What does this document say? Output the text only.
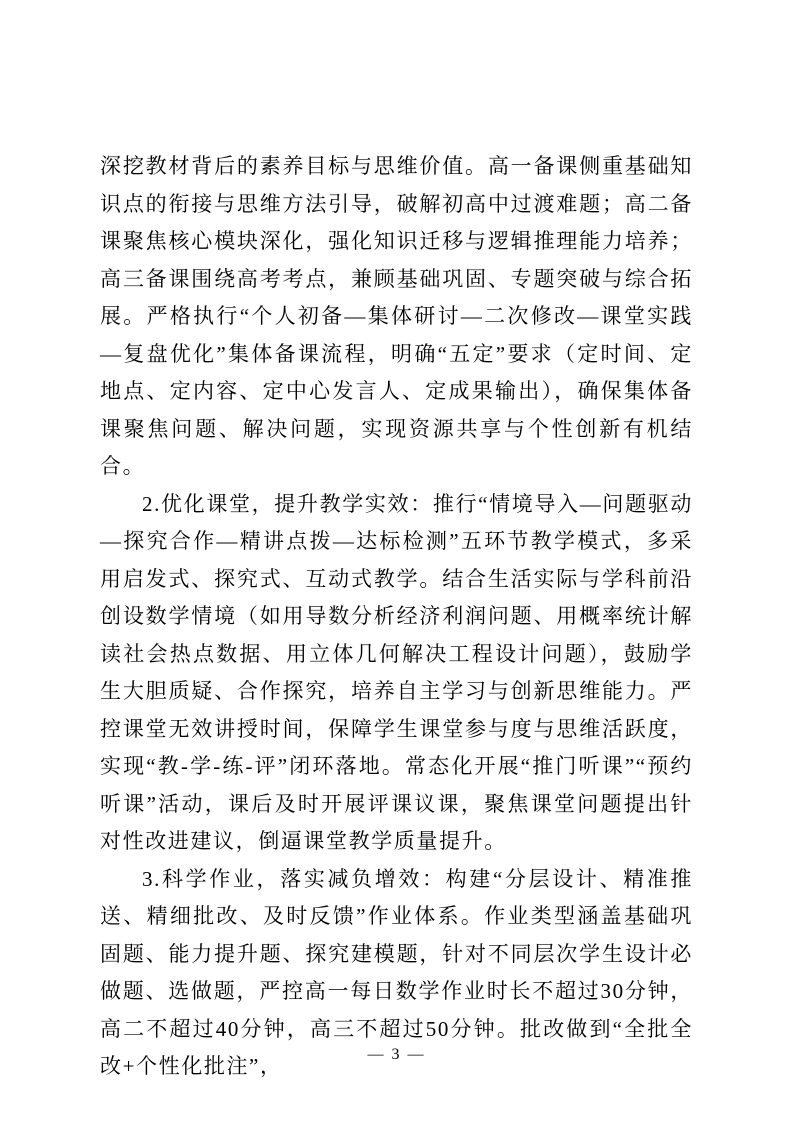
深挖教材背后的素养目标与思维价值。高一备课侧重基础知识点的衔接与思维方法引导，破解初高中过渡难题；高二备课聚焦核心模块深化，强化知识迁移与逻辑推理能力培养；高三备课围绕高考考点，兼顾基础巩固、专题突破与综合拓展。严格执行“个人初备—集体研讨—二次修改—课堂实践—复盘优化”集体备课流程，明确“五定”要求（定时间、定地点、定内容、定中心发言人、定成果输出），确保集体备课聚焦问题、解决问题，实现资源共享与个性创新有机结合。

2.优化课堂，提升教学实效：推行“情境导入—问题驱动—探究合作—精讲点拨—达标检测”五环节教学模式，多采用启发式、探究式、互动式教学。结合生活实际与学科前沿创设数学情境（如用导数分析经济利润问题、用概率统计解读社会热点数据、用立体几何解决工程设计问题），鼓励学生大胆质疑、合作探究，培养自主学习与创新思维能力。严控课堂无效讲授时间，保障学生课堂参与度与思维活跃度，实现“教-学-练-评”闭环落地。常态化开展“推门听课”“预约听课”活动，课后及时开展评课议课，聚焦课堂问题提出针对性改进建议，倒逼课堂教学质量提升。

3.科学作业，落实减负增效：构建“分层设计、精准推送、精细批改、及时反馈”作业体系。作业类型涵盖基础巩固题、能力提升题、探究建模题，针对不同层次学生设计必做题、选做题，严控高一每日数学作业时长不超过30分钟，高二不超过40分钟，高三不超过50分钟。批改做到“全批全改+个性化批注”，	— 3 —
